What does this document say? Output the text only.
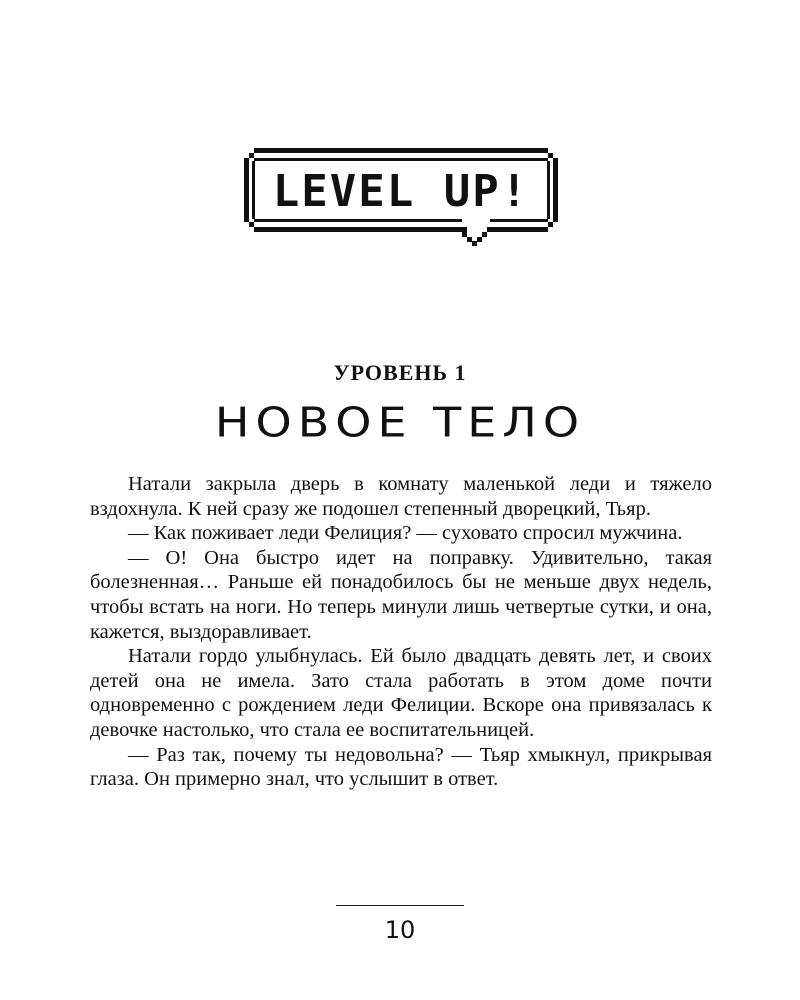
LEVEL UP!
УРОВЕНЬ 1
НОВОЕ ТЕЛО

Натали закрыла дверь в комнату маленькой леди и тяжело вздохнула. К ней сразу же подошел степенный дворецкий, Тьяр.

— Как поживает леди Фелиция? — суховато спросил мужчина.

— О! Она быстро идет на поправку. Удивительно, такая болезненная… Раньше ей понадобилось бы не меньше двух недель, чтобы встать на ноги. Но теперь минули лишь четвертые сутки, и она, кажется, выздоравливает.

Натали гордо улыбнулась. Ей было двадцать девять лет, и своих детей она не имела. Зато стала работать в этом доме почти одновременно с рождением леди Фелиции. Вскоре она привязалась к девочке настолько, что стала ее воспитательницей.

— Раз так, почему ты недовольна? — Тьяр хмыкнул, прикрывая глаза. Он примерно знал, что услышит в ответ.

10
